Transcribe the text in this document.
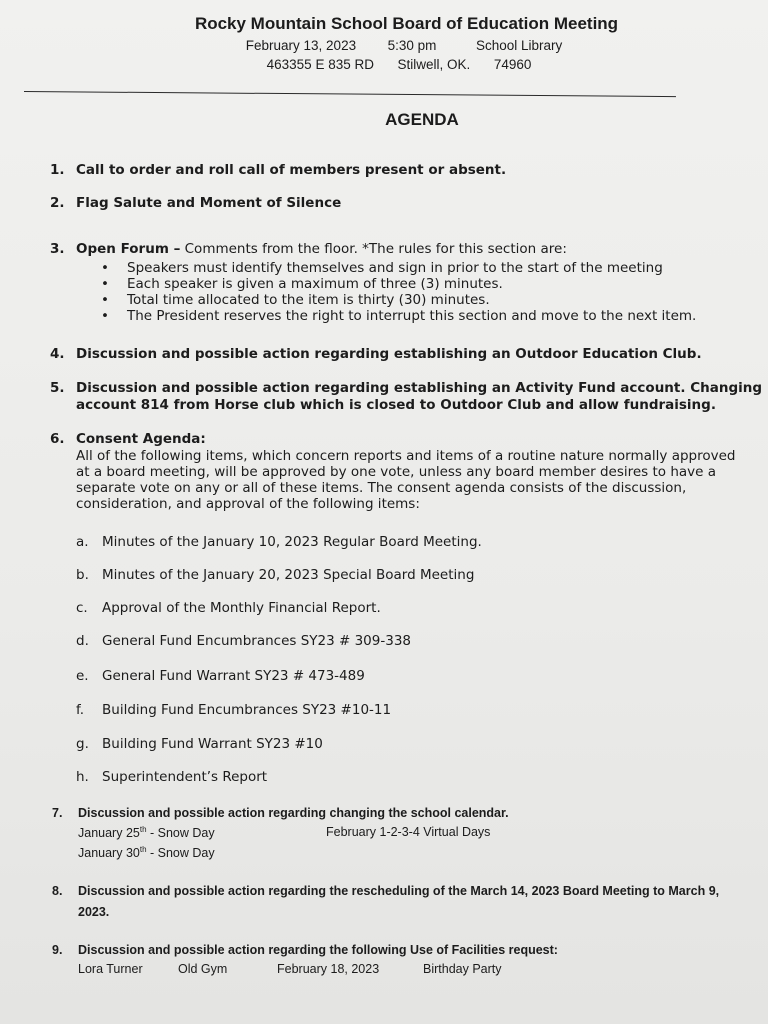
Rocky Mountain School Board of Education Meeting
February 13, 2023 5:30 pm	School Library
463355 E 835 RD Stilwell, OK. 74960
AGENDA
1. Call to order and roll call of members present or absent.
2. Flag Salute and Moment of Silence
3. Open Forum – Comments from the floor. *The rules for this section are:
• Speakers must identify themselves and sign in prior to the start of the meeting
• Each speaker is given a maximum of three (3) minutes.
• Total time allocated to the item is thirty (30) minutes.
• The President reserves the right to interrupt this section and move to the next item.
4. Discussion and possible action regarding establishing an Outdoor Education Club.
5. Discussion and possible action regarding establishing an Activity Fund account. Changing
account 814 from Horse club which is closed to Outdoor Club and allow fundraising.
6. Consent Agenda:
All of the following items, which concern reports and items of a routine nature normally approved
at a board meeting, will be approved by one vote, unless any board member desires to have a
separate vote on any or all of these items. The consent agenda consists of the discussion,
consideration, and approval of the following items:
a. Minutes of the January 10, 2023 Regular Board Meeting.
b. Minutes of the January 20, 2023 Special Board Meeting
c. Approval of the Monthly Financial Report.
d. General Fund Encumbrances SY23 # 309-338
e. General Fund Warrant SY23 # 473-489
f. Building Fund Encumbrances SY23 #10-11
g. Building Fund Warrant SY23 #10
h. Superintendent’s Report
7. Discussion and possible action regarding changing the school calendar.
January 25th - Snow Day	February 1-2-3-4 Virtual Days
January 30th - Snow Day
8. Discussion and possible action regarding the rescheduling of the March 14, 2023 Board Meeting to March 9,
2023.
9. Discussion and possible action regarding the following Use of Facilities request:
Lora Turner	Old Gym	February 18, 2023	Birthday Party
